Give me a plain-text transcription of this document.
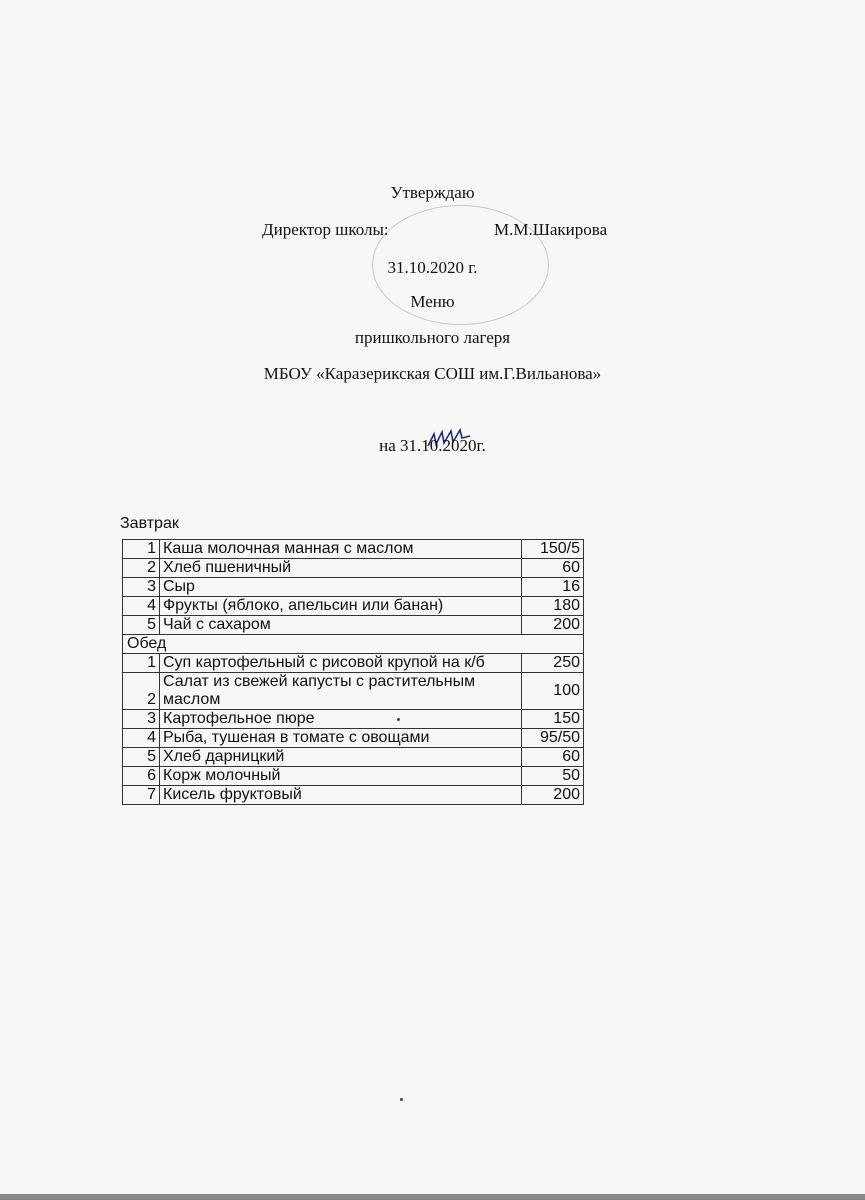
Утверждаю
Директор школы:	М.М.Шакирова
31.10.2020 г.
Меню
пришкольного лагеря
МБОУ «Каразерикская СОШ им.Г.Вильанова»
на 31.10.2020г.
Завтрак
1	Каша молочная манная с маслом	150/5
2	Хлеб пшеничный	60
3	Сыр	16
4	Фрукты (яблоко, апельсин или банан)	180
5	Чай с сахаром	200
Обед		
1	Суп картофельный с рисовой крупой на к/б	250
2	Салат из свежей капусты с растительным маслом	100
3	Картофельное пюре	150
4	Рыба, тушеная в томате с овощами	95/50
5	Хлеб дарницкий	60
6	Корж молочный	50
7	Кисель фруктовый	200
